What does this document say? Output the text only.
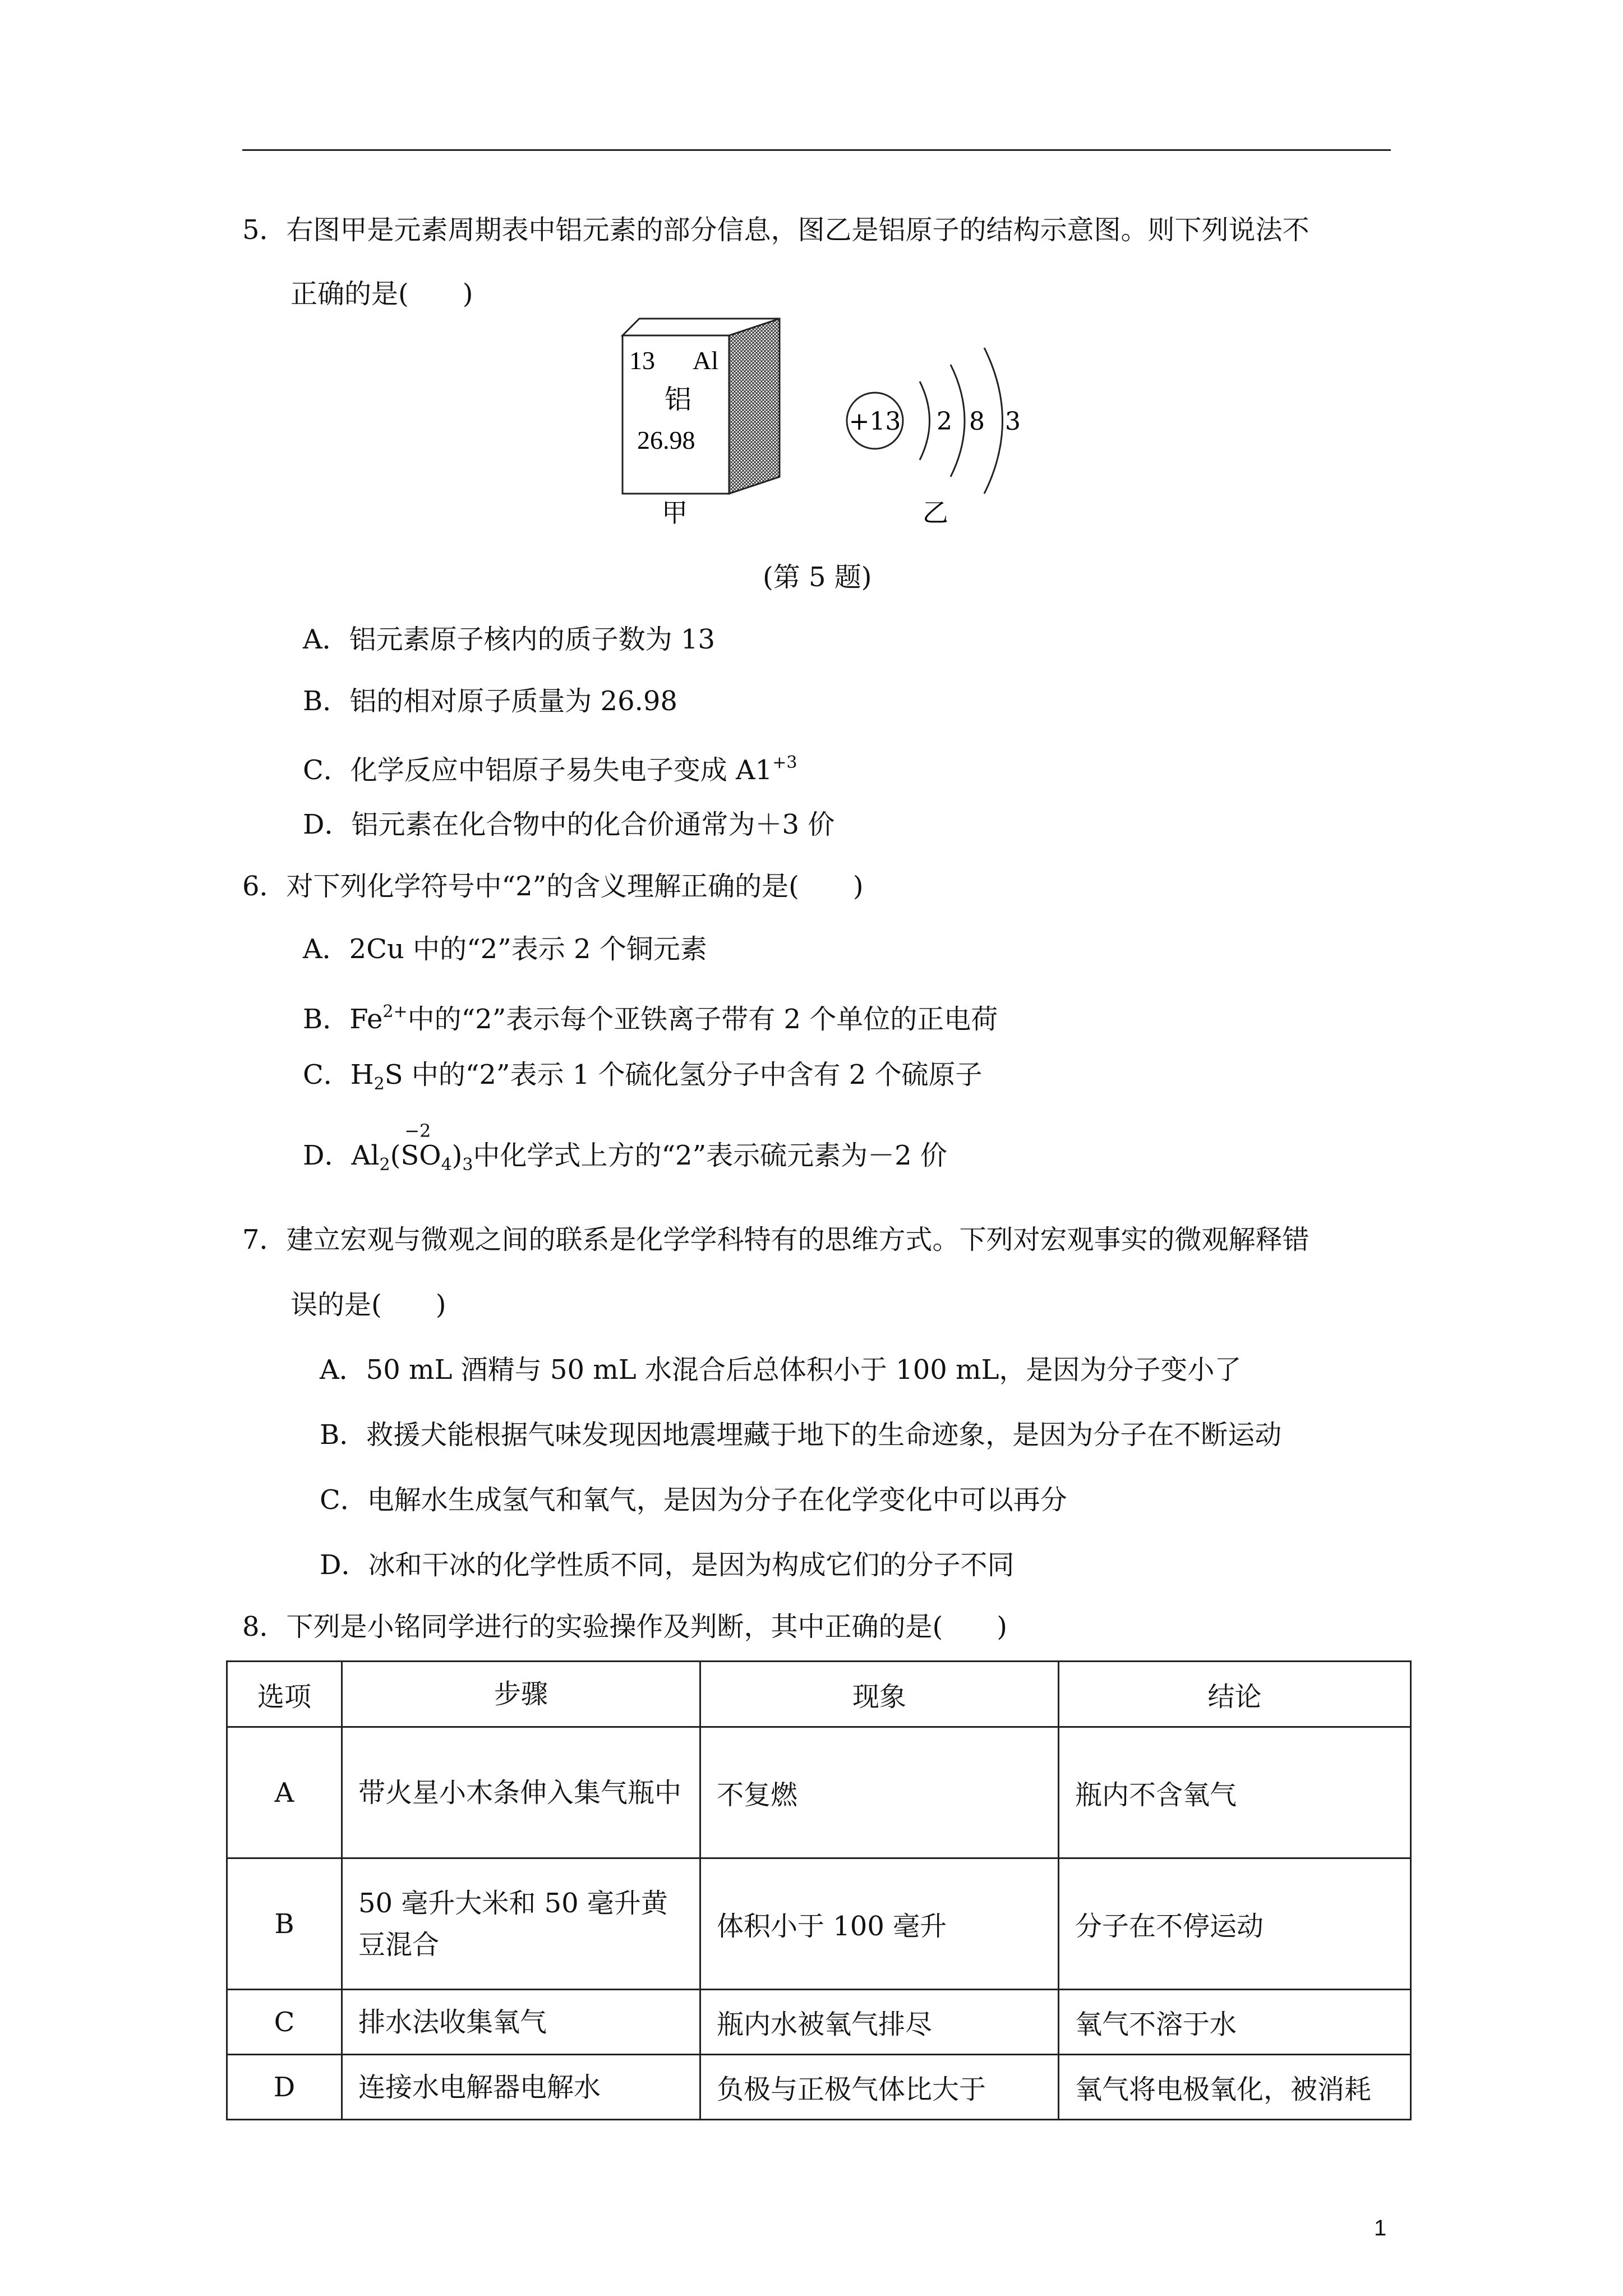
5．右图甲是元素周期表中铝元素的部分信息，图乙是铝原子的结构示意图。则下列说法不
正确的是(　　)
13 Al
铝
26.98
甲
+13 2 8 3
乙
(第 5 题)
A．铝元素原子核内的质子数为 13
B．铝的相对原子质量为 26.98
C．化学反应中铝原子易失电子变成 $A1^{+3}$
D．铝元素在化合物中的化合价通常为＋3 价
6．对下列化学符号中“2”的含义理解正确的是(　　)
A．2Cu 中的“2”表示 2 个铜元素
B．$Fe^{2+}$中的“2”表示每个亚铁离子带有 2 个单位的正电荷
C．$H_2S$ 中的“2”表示 1 个硫化氢分子中含有 2 个硫原子
D．$Al_2(S$
−2
$O_4)_3$中化学式上方的“2”表示硫元素为－2 价
7．建立宏观与微观之间的联系是化学学科特有的思维方式。下列对宏观事实的微观解释错
误的是(　　)
A．50 mL 酒精与 50 mL 水混合后总体积小于 100 mL，是因为分子变小了
B．救援犬能根据气味发现因地震埋藏于地下的生命迹象，是因为分子在不断运动
C．电解水生成氢气和氧气，是因为分子在化学变化中可以再分
D．冰和干冰的化学性质不同，是因为构成它们的分子不同
8．下列是小铭同学进行的实验操作及判断，其中正确的是(　　)
选项	步骤	现象	结论
A	带火星小木条伸入集气瓶中	不复燃	瓶内不含氧气
B	50 毫升大米和 50 毫升黄豆混合	体积小于 100 毫升	分子在不停运动
C	排水法收集氧气	瓶内水被氧气排尽	氧气不溶于水
D	连接水电解器电解水	负极与正极气体比大于	氧气将电极氧化，被消耗
1
